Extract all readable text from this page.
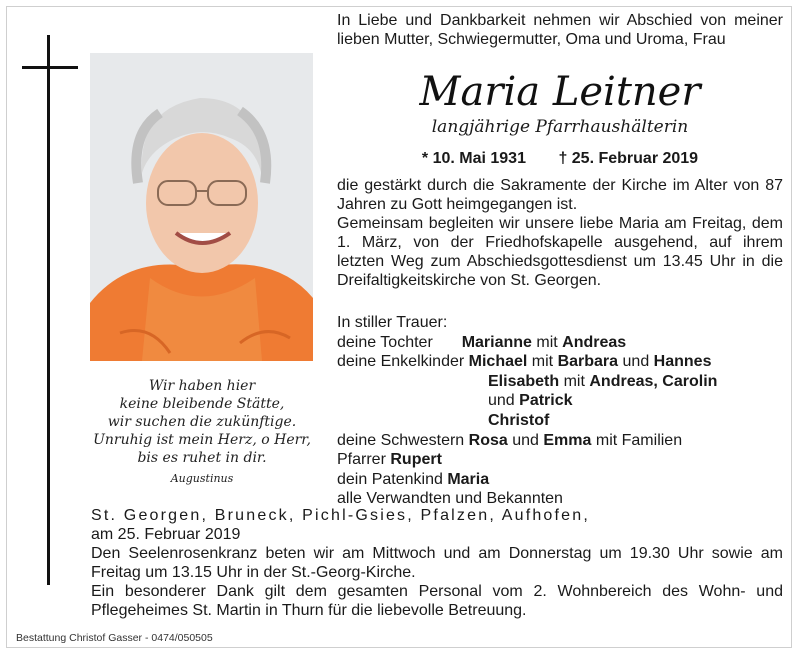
Wir haben hier
keine bleibende Stätte,
wir suchen die zukünftige.
Unruhig ist mein Herz, o Herr,
bis es ruhet in dir.
Augustinus
In Liebe und Dankbarkeit nehmen wir Abschied von meiner lieben Mutter, Schwiegermutter, Oma und Uroma, Frau
Maria Leitner
langjährige Pfarrhaushälterin
* 10. Mai 1931 † 25. Februar 2019

die gestärkt durch die Sakramente der Kirche im Alter von 87 Jahren zu Gott heimgegangen ist.

Gemeinsam begleiten wir unsere liebe Maria am Freitag, dem 1. März, von der Friedhofskapelle ausgehend, auf ihrem letzten Weg zum Abschiedsgottesdienst um 13.45 Uhr in die Dreifaltigkeitskirche von St. Georgen.

In stiller Trauer:
deine Tochter Marianne mit Andreas
deine Enkelkinder Michael mit Barbara und Hannes
Elisabeth mit Andreas, Carolin
und Patrick
Christof
deine Schwestern Rosa und Emma mit Familien
Pfarrer Rupert
dein Patenkind Maria
alle Verwandten und Bekannten

St. Georgen, Bruneck, Pichl-Gsies, Pfalzen, Aufhofen,

am 25. Februar 2019

Den Seelenrosenkranz beten wir am Mittwoch und am Donnerstag um 19.30 Uhr sowie am Freitag um 13.15 Uhr in der St.-Georg-Kirche.

Ein besonderer Dank gilt dem gesamten Personal vom 2. Wohnbereich des Wohn- und Pflegeheimes St. Martin in Thurn für die liebevolle Betreuung.

Bestattung Christof Gasser - 0474/050505
